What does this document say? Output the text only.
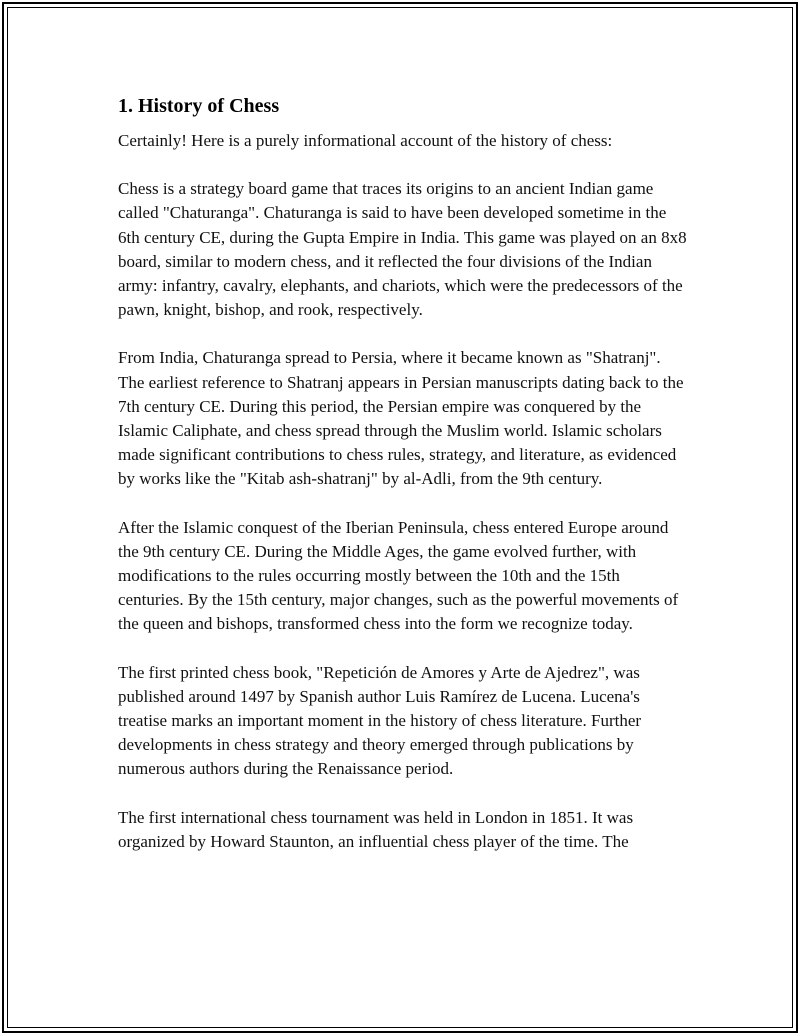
1. History of Chess

Certainly! Here is a purely informational account of the history of chess:

Chess is a strategy board game that traces its origins to an ancient Indian game called "Chaturanga". Chaturanga is said to have been developed sometime in the 6th century CE, during the Gupta Empire in India. This game was played on an 8x8 board, similar to modern chess, and it reflected the four divisions of the Indian army: infantry, cavalry, elephants, and chariots, which were the predecessors of the pawn, knight, bishop, and rook, respectively.

From India, Chaturanga spread to Persia, where it became known as "Shatranj". The earliest reference to Shatranj appears in Persian manuscripts dating back to the 7th century CE. During this period, the Persian empire was conquered by the Islamic Caliphate, and chess spread through the Muslim world. Islamic scholars made significant contributions to chess rules, strategy, and literature, as evidenced by works like the "Kitab ash-shatranj" by al-Adli, from the 9th century.

After the Islamic conquest of the Iberian Peninsula, chess entered Europe around the 9th century CE. During the Middle Ages, the game evolved further, with modifications to the rules occurring mostly between the 10th and the 15th centuries. By the 15th century, major changes, such as the powerful movements of the queen and bishops, transformed chess into the form we recognize today.

The first printed chess book, "Repetición de Amores y Arte de Ajedrez", was published around 1497 by Spanish author Luis Ramírez de Lucena. Lucena's treatise marks an important moment in the history of chess literature. Further developments in chess strategy and theory emerged through publications by numerous authors during the Renaissance period.

The first international chess tournament was held in London in 1851. It was organized by Howard Staunton, an influential chess player of the time. The
